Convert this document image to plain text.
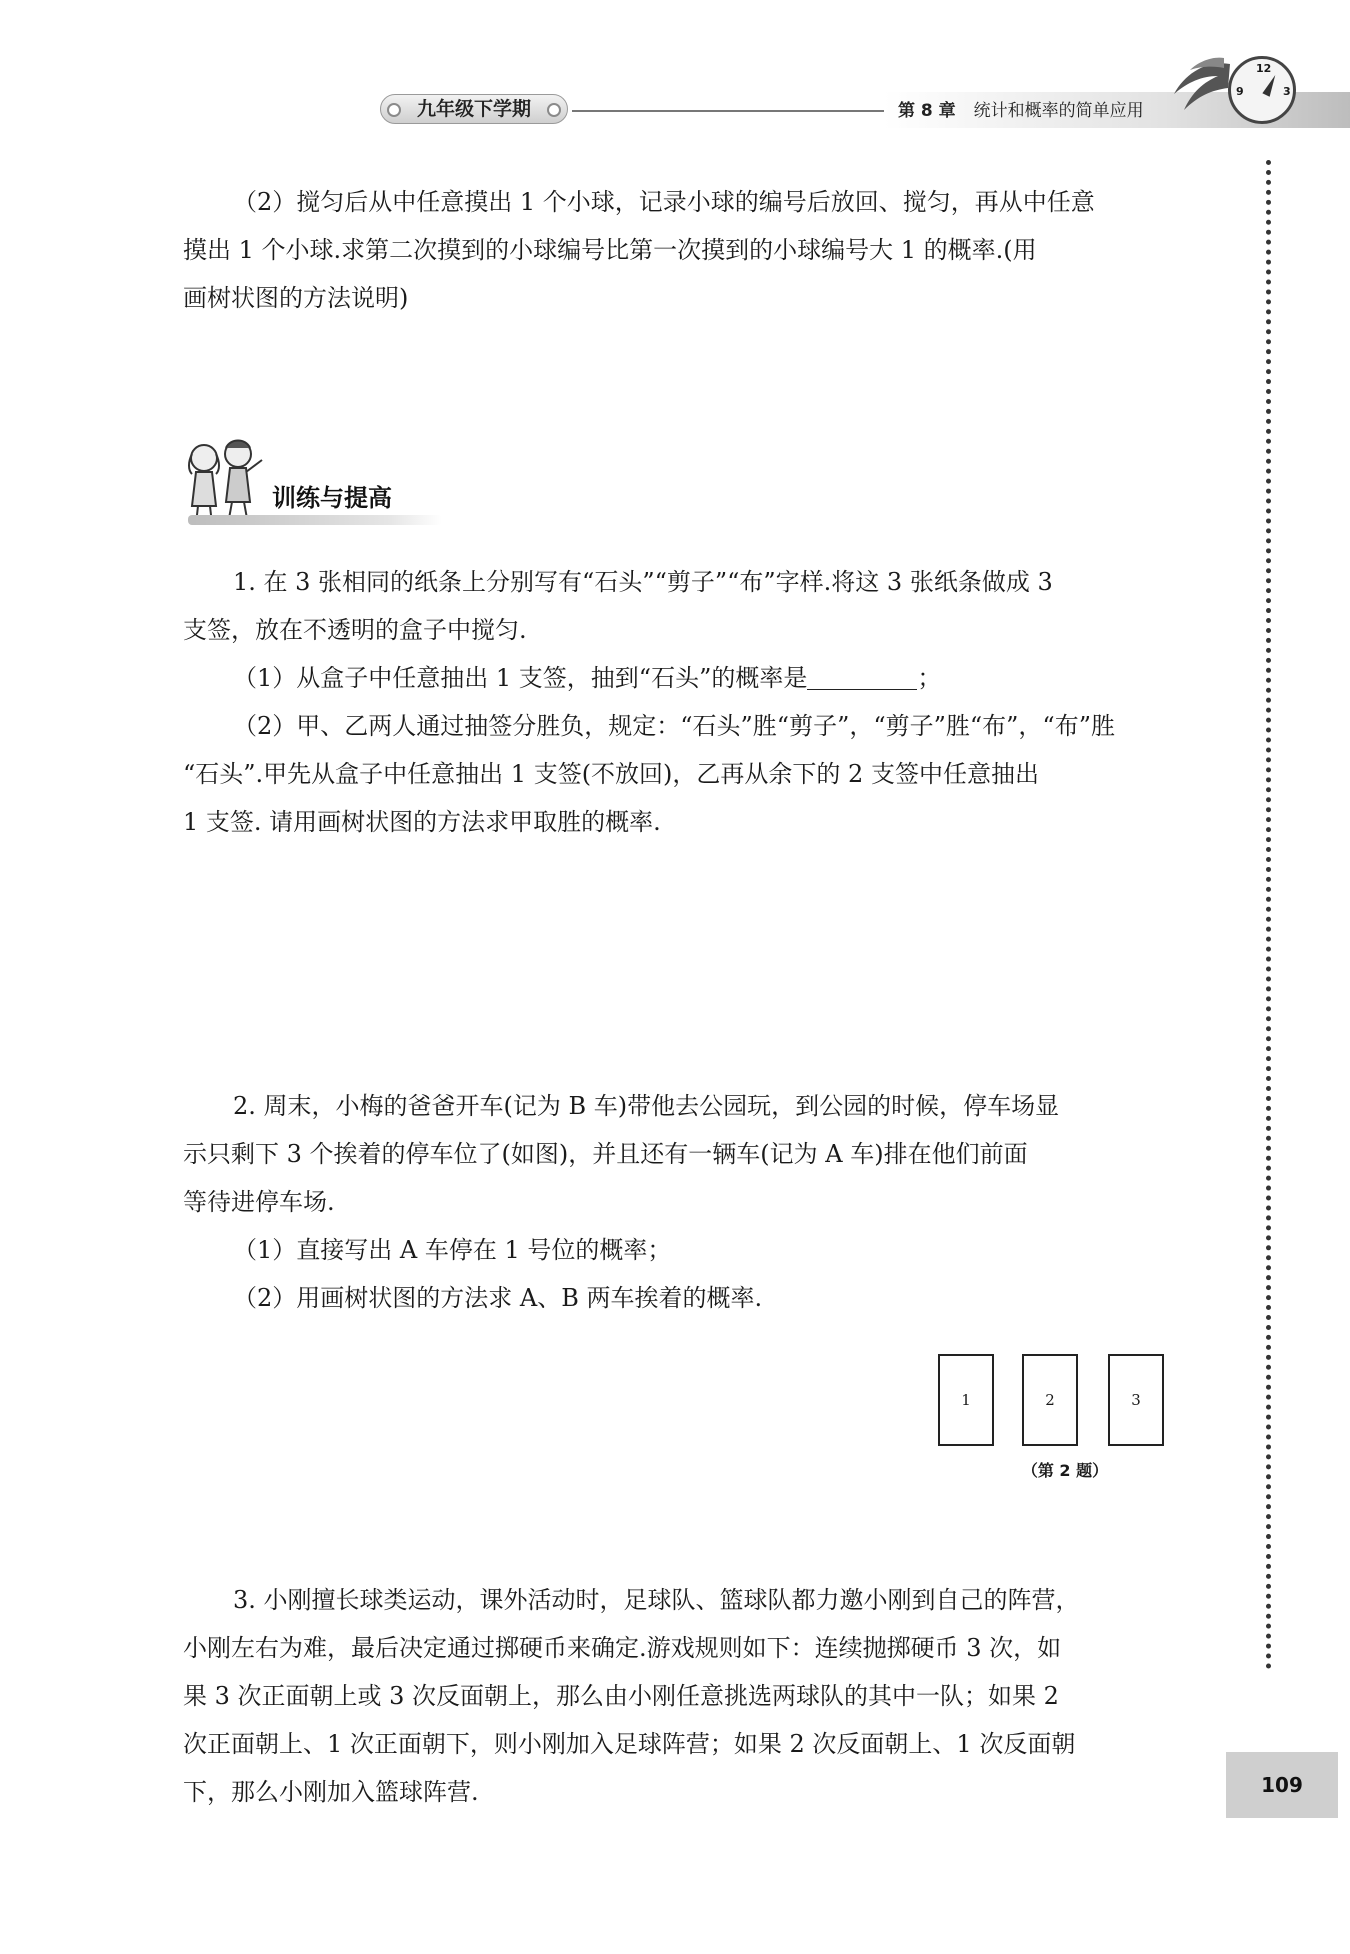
九年级下学期	第 8 章 统计和概率的简单应用
12
9	3
109

（2）搅匀后从中任意摸出 1 个小球，记录小球的编号后放回、搅匀，再从中任意

摸出 1 个小球.求第二次摸到的小球编号比第一次摸到的小球编号大 1 的概率.(用

画树状图的方法说明)

训练与提高

1. 在 3 张相同的纸条上分别写有“石头”“剪子”“布”字样.将这 3 张纸条做成 3

支签，放在不透明的盒子中搅匀.

（1）从盒子中任意抽出 1 支签，抽到“石头”的概率是	；

（2）甲、乙两人通过抽签分胜负，规定：“石头”胜“剪子”，“剪子”胜“布”，“布”胜

“石头”.甲先从盒子中任意抽出 1 支签(不放回)，乙再从余下的 2 支签中任意抽出

1 支签. 请用画树状图的方法求甲取胜的概率.

2. 周末，小梅的爸爸开车(记为 B 车)带他去公园玩，到公园的时候，停车场显

示只剩下 3 个挨着的停车位了(如图)，并且还有一辆车(记为 A 车)排在他们前面

等待进停车场.

（1）直接写出 A 车停在 1 号位的概率；

（2）用画树状图的方法求 A、B 两车挨着的概率.

1	2	3
（第 2 题）

3. 小刚擅长球类运动，课外活动时，足球队、篮球队都力邀小刚到自己的阵营，

小刚左右为难，最后决定通过掷硬币来确定.游戏规则如下：连续抛掷硬币 3 次，如

果 3 次正面朝上或 3 次反面朝上，那么由小刚任意挑选两球队的其中一队；如果 2

次正面朝上、1 次正面朝下，则小刚加入足球阵营；如果 2 次反面朝上、1 次反面朝

下，那么小刚加入篮球阵营.
